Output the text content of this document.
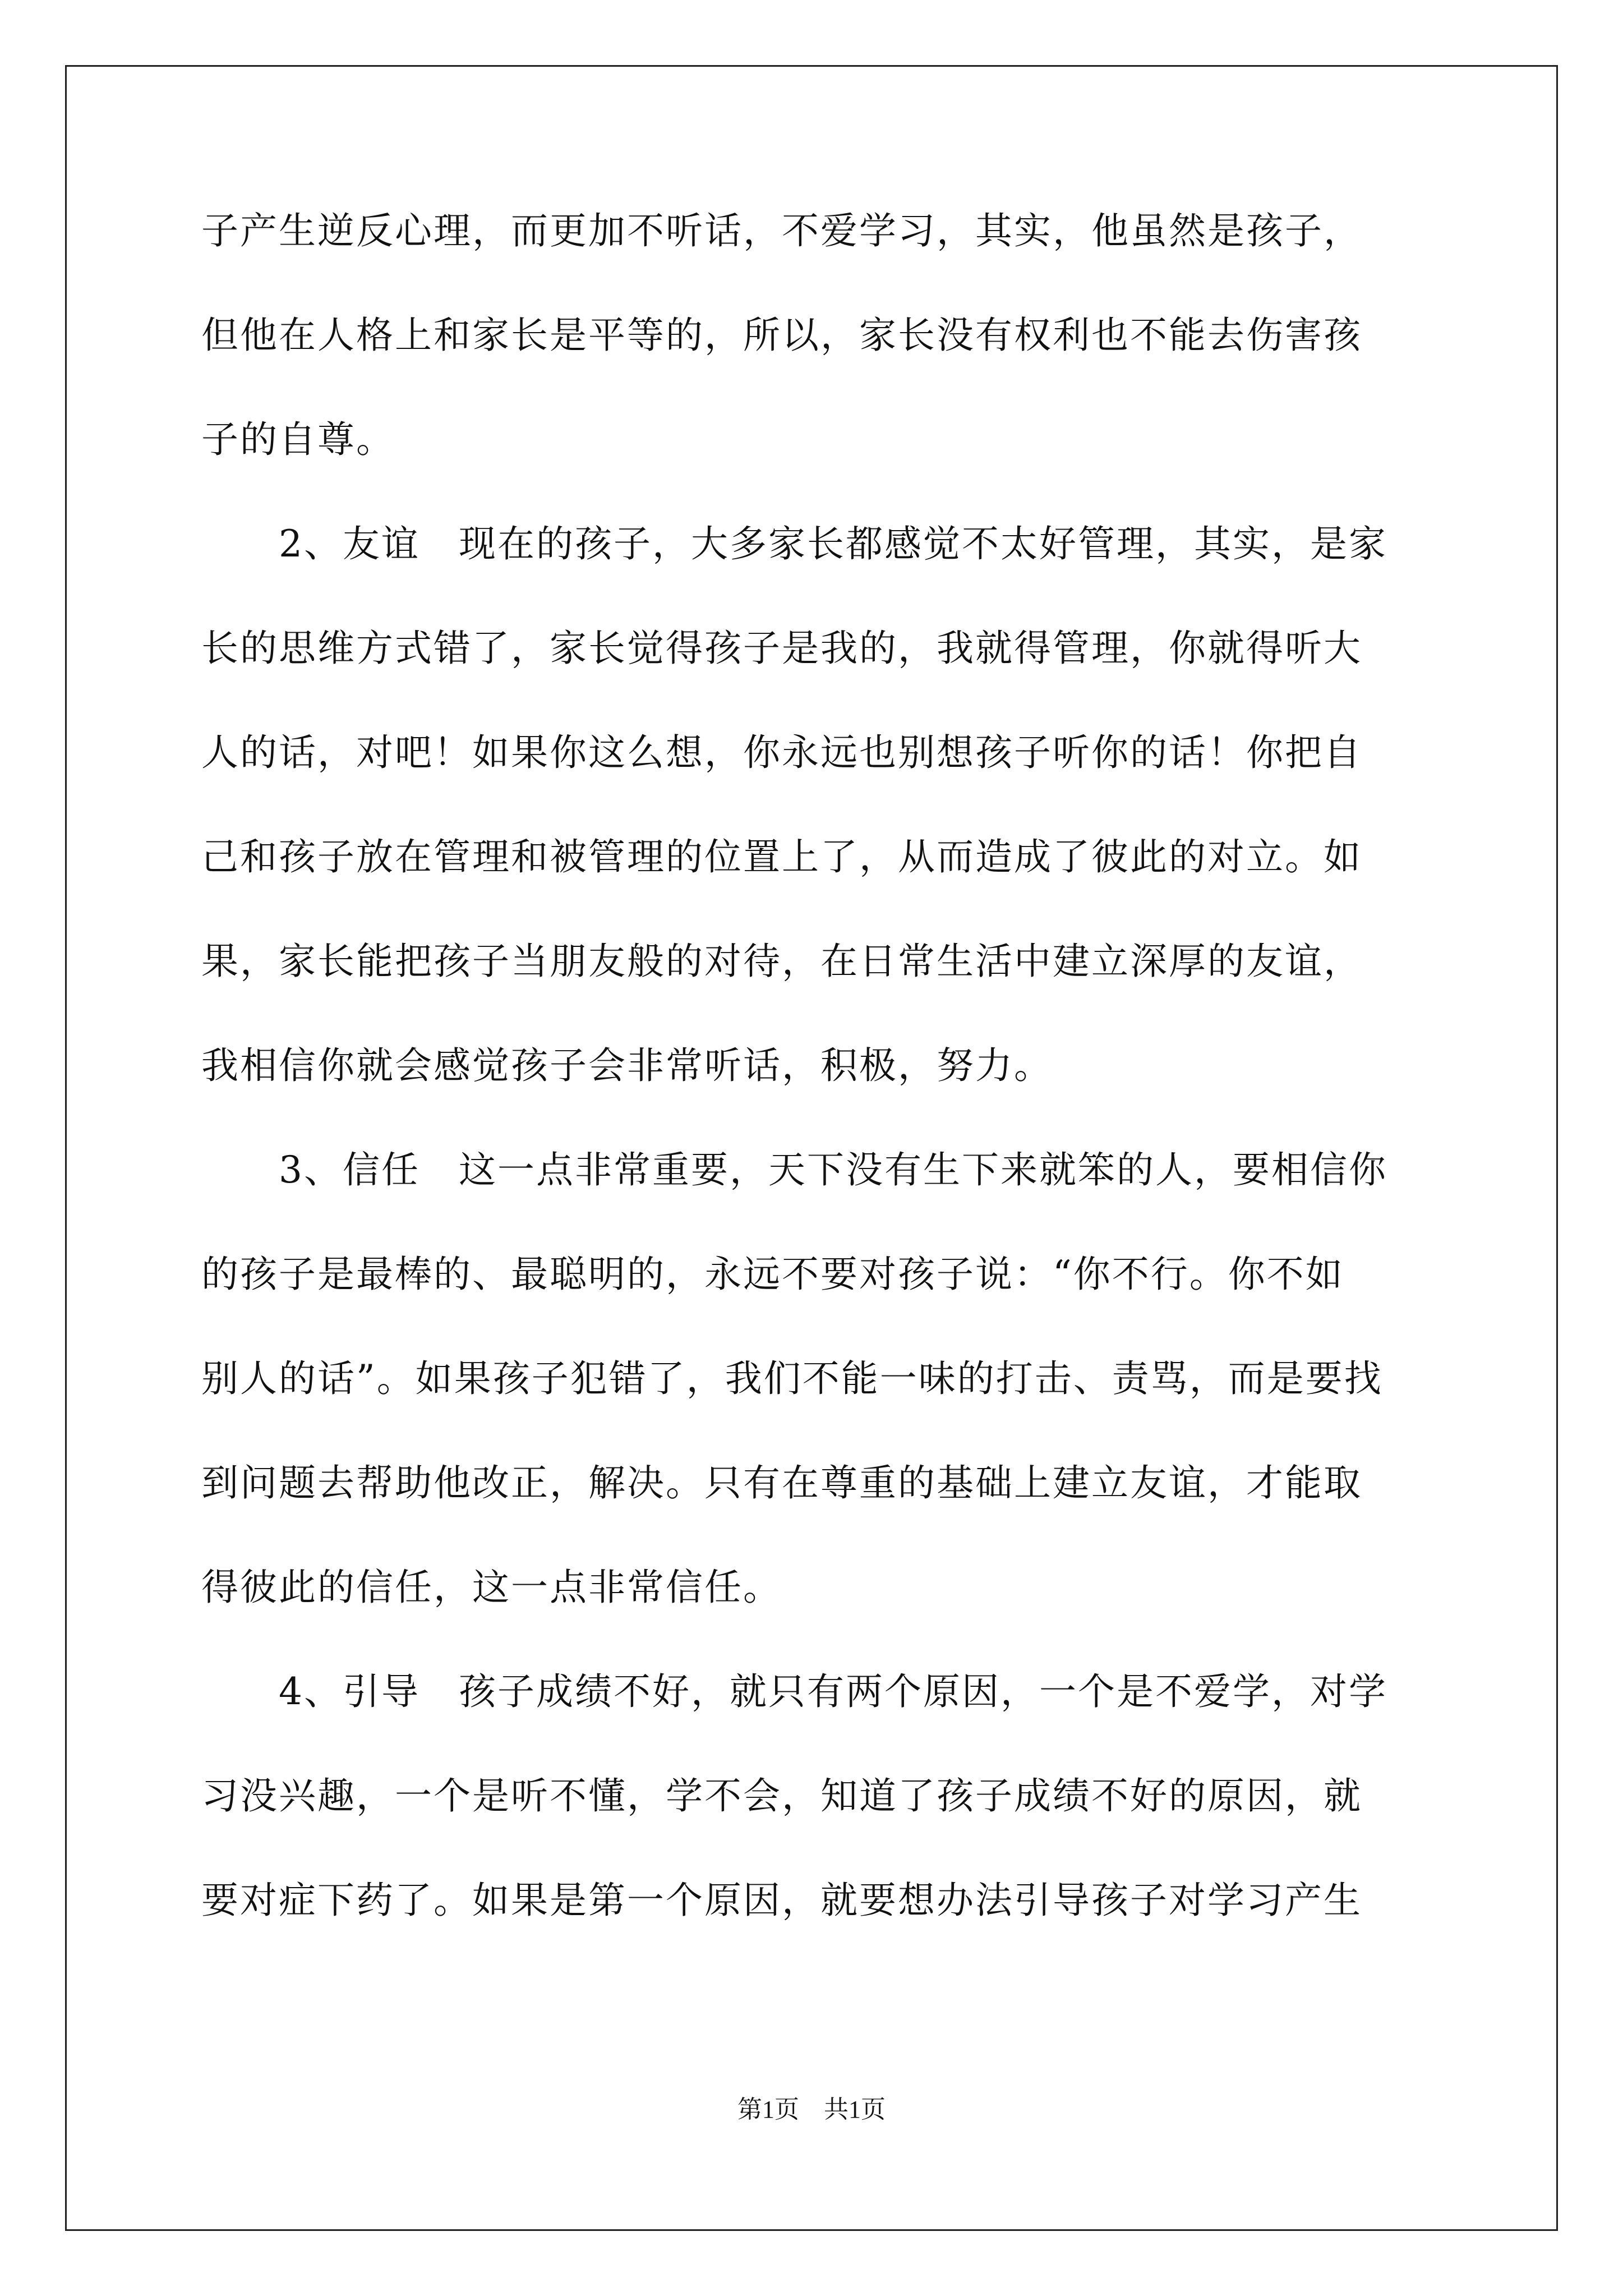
子产生逆反心理，而更加不听话，不爱学习，其实，他虽然是孩子，
但他在人格上和家长是平等的，所以，家长没有权利也不能去伤害孩
子的自尊。
　　2、友谊　现在的孩子，大多家长都感觉不太好管理，其实，是家
长的思维方式错了，家长觉得孩子是我的，我就得管理，你就得听大
人的话，对吧！如果你这么想，你永远也别想孩子听你的话！你把自
己和孩子放在管理和被管理的位置上了，从而造成了彼此的对立。如
果，家长能把孩子当朋友般的对待，在日常生活中建立深厚的友谊，
我相信你就会感觉孩子会非常听话，积极，努力。
　　3、信任　这一点非常重要，天下没有生下来就笨的人，要相信你
的孩子是最棒的、最聪明的，永远不要对孩子说：“你不行。你不如
别人的话”。如果孩子犯错了，我们不能一味的打击、责骂，而是要找
到问题去帮助他改正，解决。只有在尊重的基础上建立友谊，才能取
得彼此的信任，这一点非常信任。
　　4、引导　孩子成绩不好，就只有两个原因，一个是不爱学，对学
习没兴趣，一个是听不懂，学不会，知道了孩子成绩不好的原因，就
要对症下药了。如果是第一个原因，就要想办法引导孩子对学习产生
第1页　共1页
